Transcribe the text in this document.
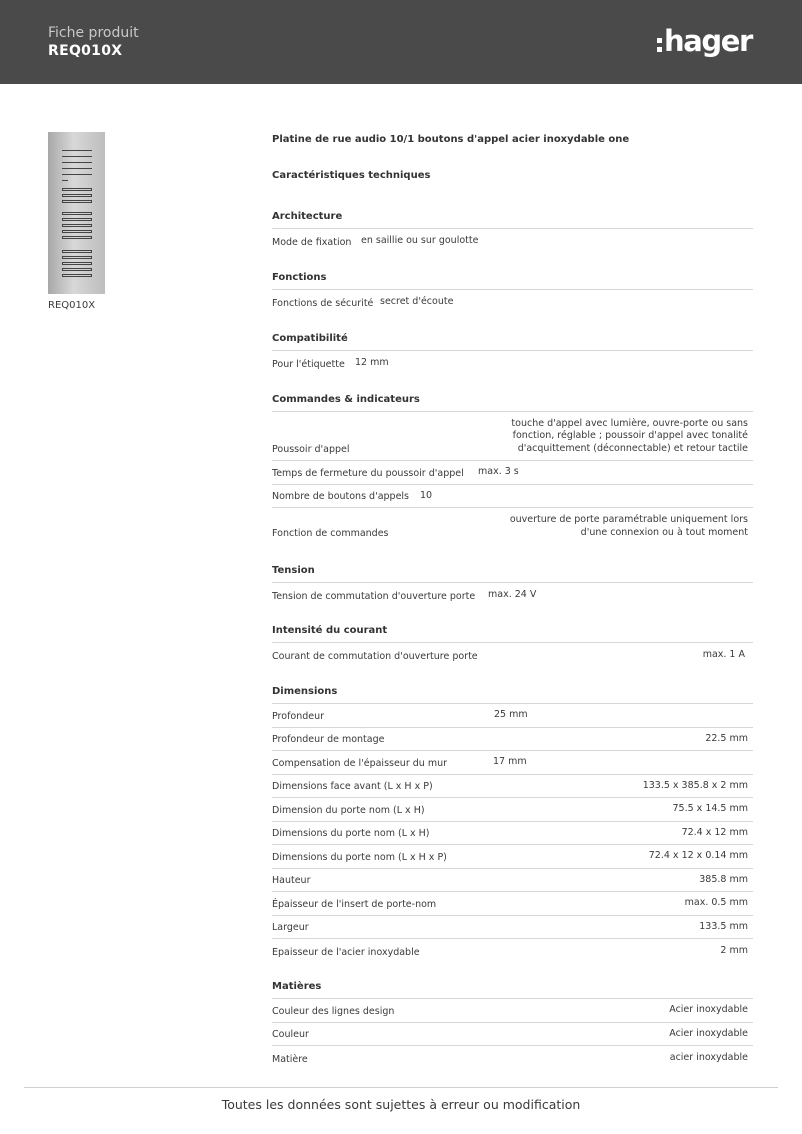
Fiche produit
REQ010X	hager
REQ010X
Platine de rue audio 10/1 boutons d'appel acier inoxydable one
Caractéristiques techniques
Architecture
Mode de fixation en saillie ou sur goulotte
Fonctions
Fonctions de sécurité secret d'écoute
Compatibilité
Pour l'étiquette 12 mm
Commandes & indicateurs
Poussoir d'appel
touche d'appel avec lumière, ouvre-porte ou sans
fonction, réglable ; poussoir d'appel avec tonalité
d'acquittement (déconnectable) et retour tactile
Temps de fermeture du poussoir d'appel max. 3 s
Nombre de boutons d'appels 10
Fonction de commandes
ouverture de porte paramétrable uniquement lors
d'une connexion ou à tout moment
Tension
Tension de commutation d'ouverture porte max. 24 V
Intensité du courant
Courant de commutation d'ouverture porte	max. 1 A
Dimensions
Profondeur	25 mm
Profondeur de montage	22.5 mm
Compensation de l'épaisseur du mur	17 mm
Dimensions face avant (L x H x P)	133.5 x 385.8 x 2 mm
Dimension du porte nom (L x H)	75.5 x 14.5 mm
Dimensions du porte nom (L x H)	72.4 x 12 mm
Dimensions du porte nom (L x H x P)	72.4 x 12 x 0.14 mm
Hauteur	385.8 mm
Épaisseur de l'insert de porte-nom	max. 0.5 mm
Largeur	133.5 mm
Epaisseur de l'acier inoxydable	2 mm
Matières
Couleur des lignes design	Acier inoxydable
Couleur	Acier inoxydable
Matière	acier inoxydable
Toutes les données sont sujettes à erreur ou modification
